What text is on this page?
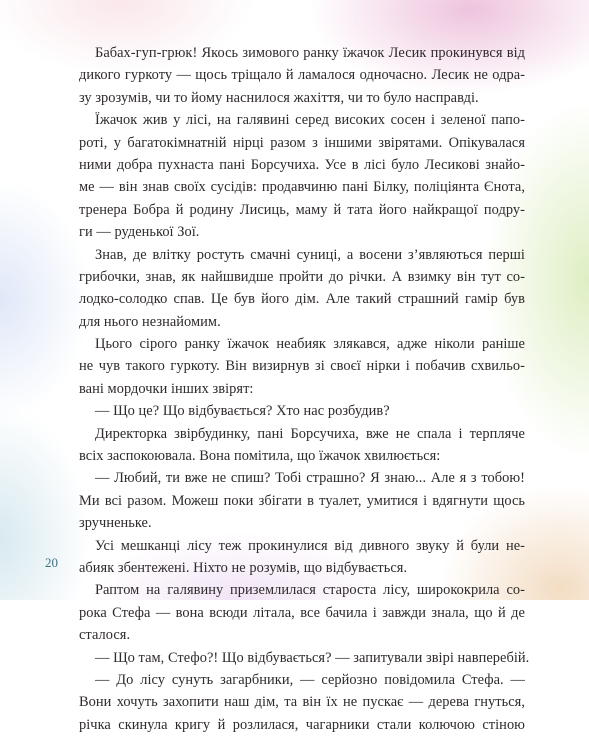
Бабах-гуп-грюк! Якось зимового ранку їжачок Лесик прокинувся від
дикого гуркоту — щось тріщало й ламалося одночасно. Лесик не одра-
зу зрозумів, чи то йому наснилося жахіття, чи то було насправді.
Їжачок жив у лісі, на галявині серед високих сосен і зеленої папо-
роті, у багатокімнатній нірці разом з іншими звірятами. Опікувалася
ними добра пухнаста пані Борсучиха. Усе в лісі було Лесикові знайо-
ме — він знав своїх сусідів: продавчиню пані Білку, поліціянта Єнота,
тренера Бобра й родину Лисиць, маму й тата його найкращої подру-
ги — руденької Зої.
Знав, де влітку ростуть смачні суниці, а восени з’являються перші
грибочки, знав, як найшвидше пройти до річки. А взимку він тут со-
лодко-солодко спав. Це був його дім. Але такий страшний гамір був
для нього незнайомим.
Цього сірого ранку їжачок неабияк злякався, адже ніколи раніше
не чув такого гуркоту. Він визирнув зі своєї нірки і побачив схвильо-
вані мордочки інших звірят:
— Що це? Що відбувається? Хто нас розбудив?
Директорка звірбудинку, пані Борсучиха, вже не спала і терпляче
всіх заспокоювала. Вона помітила, що їжачок хвилюється:
— Любий, ти вже не спиш? Тобі страшно? Я знаю... Але я з тобою!
Ми всі разом. Можеш поки збігати в туалет, умитися і вдягнути щось
зручненьке.
Усі мешканці лісу теж прокинулися від дивного звуку й були не-
абияк збентежені. Ніхто не розумів, що відбувається.
Раптом на галявину приземлилася староста лісу, ширококрила со-
рока Стефа — вона всюди літала, все бачила і завжди знала, що й де
сталося.
— Що там, Стефо?! Що відбувається? — запитували звірі навперебій.
— До лісу сунуть загарбники, — серйозно повідомила Стефа. —
Вони хочуть захопити наш дім, та він їх не пускає — дерева гнуться,
річка скинула кригу й розлилася, чагарники стали колючою стіною
20
